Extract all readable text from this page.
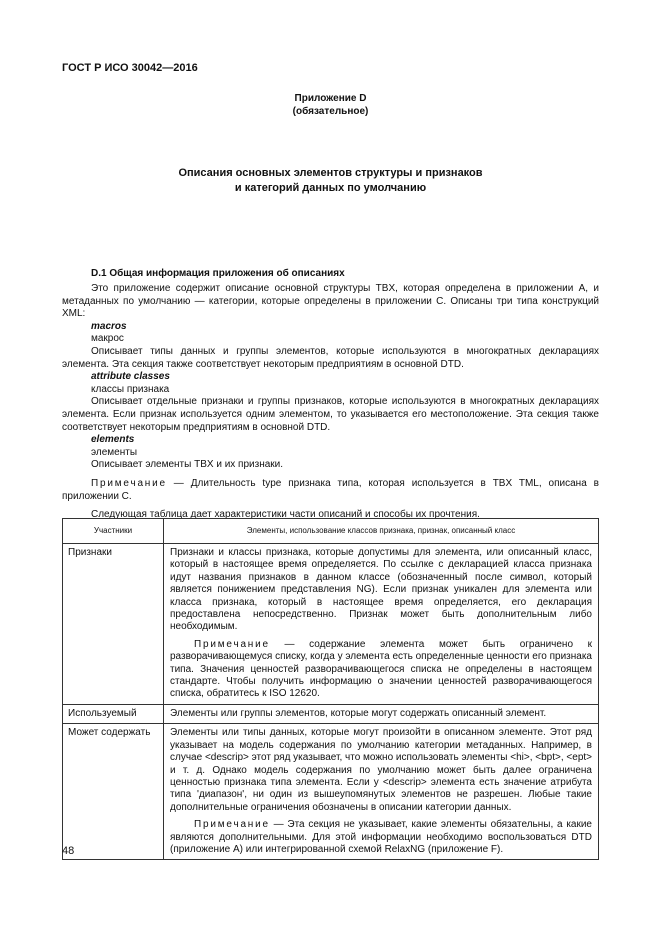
ГОСТ Р ИСО 30042—2016
Приложение D
(обязательное)
Описания основных элементов структуры и признаков
и категорий данных по умолчанию
D.1 Общая информация приложения об описаниях

Это приложение содержит описание основной структуры TBX, которая определена в приложении А, и метаданных по умолчанию — категории, которые определены в приложении С. Описаны три типа конструкций XML:

macros

макрос

Описывает типы данных и группы элементов, которые используются в многократных декларациях элемента. Эта секция также соответствует некоторым предприятиям в основной DTD.

attribute classes

классы признака

Описывает отдельные признаки и группы признаков, которые используются в многократных декларациях элемента. Если признак используется одним элементом, то указывается его местоположение. Эта секция также соответствует некоторым предприятиям в основной DTD.

elements

элементы

Описывает элементы TBX и их признаки.

Примечание — Длительность type признака типа, которая используется в TBX TML, описана в приложении С.

Следующая таблица дает характеристики части описаний и способы их прочтения.

Участники	Элементы, использование классов признака, признак, описанный класс
Признаки	Признаки и классы признака, которые допустимы для элемента, или описанный класс, который в настоящее время определяется. По ссылке с декларацией класса признака идут названия признаков в данном классе (обозначенный после символ, который является понижением представления NG). Если признак уникален для элемента или класса признака, который в настоящее время определяется, его декларация предоставлена непосредственно. Признак может быть дополнительным либо необходимым.

Примечание — содержание элемента может быть ограничено к разворачивающемуся списку, когда у элемента есть определенные ценности его признака типа. Значения ценностей разворачивающегося списка не определены в настоящем стандарте. Чтобы получить информацию о значении ценностей разворачивающегося списка, обратитесь к ISO 12620.

Используемый	Элементы или группы элементов, которые могут содержать описанный элемент.

Может содержать	Элементы или типы данных, которые могут произойти в описанном элементе. Этот ряд указывает на модель содержания по умолчанию категории метаданных. Например, в случае <descrip> этот ряд указывает, что можно использовать элементы <hi>, <bpt>, <ept> и т. д. Однако модель содержания по умолчанию может быть далее ограничена ценностью признака типа элемента. Если у <descrip> элемента есть значение атрибута типа 'диапазон', ни один из вышеупомянутых элементов не разрешен. Любые такие дополнительные ограничения обозначены в описании категории данных.

Примечание — Эта секция не указывает, какие элементы обязательны, а какие являются дополнительными. Для этой информации необходимо воспользоваться DTD (приложение А) или интегрированной схемой RelaxNG (приложение F).

48
